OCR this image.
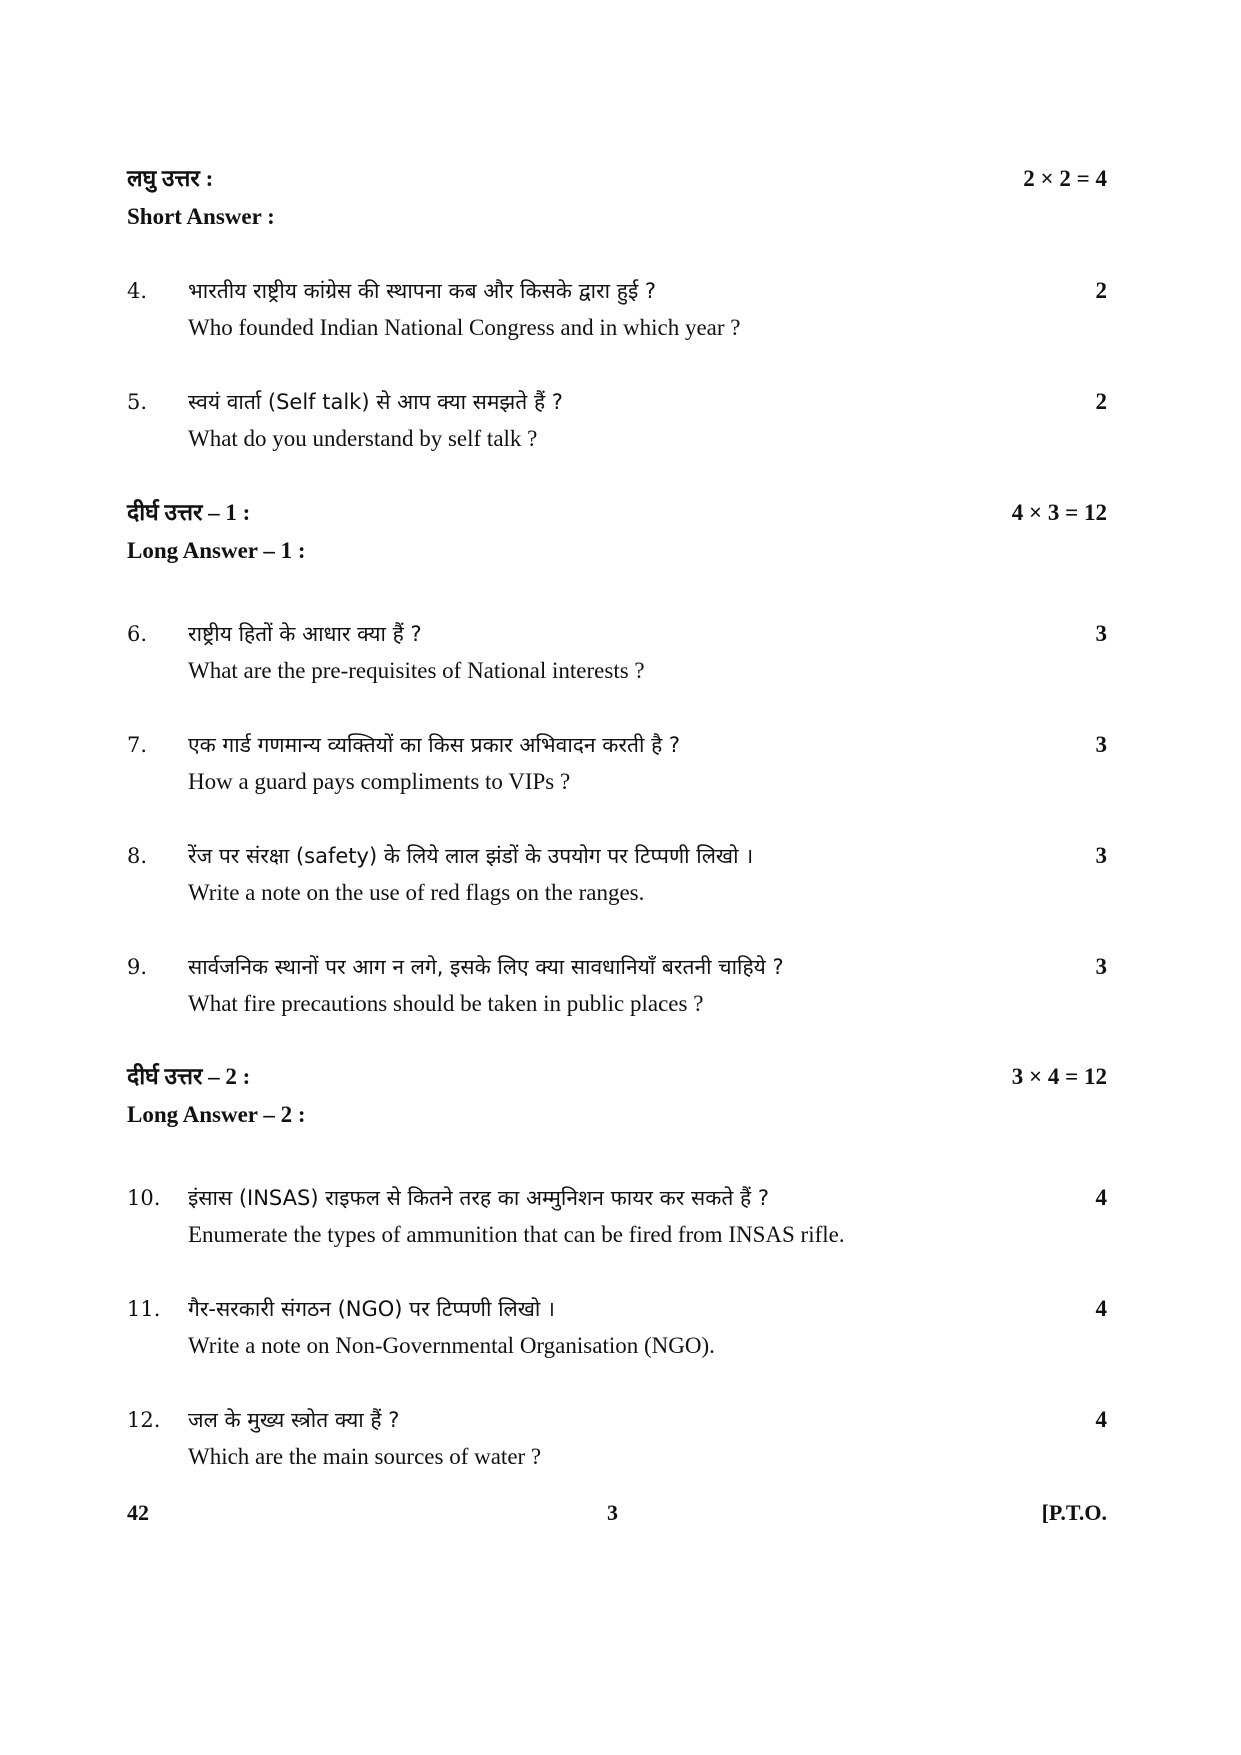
लघु उत्तर :
Short Answer :
2 × 2 = 4
4. भारतीय राष्ट्रीय कांग्रेस की स्थापना कब और किसके द्वारा हुई ?
Who founded Indian National Congress and in which year ?
2
5. स्वयं वार्ता (Self talk) से आप क्या समझते हैं ?
What do you understand by self talk ?
2
दीर्घ उत्तर – 1 :
Long Answer – 1 :
4 × 3 = 12
6. राष्ट्रीय हितों के आधार क्या हैं ?
What are the pre-requisites of National interests ?
3
7. एक गार्ड गणमान्य व्यक्तियों का किस प्रकार अभिवादन करती है ?
How a guard pays compliments to VIPs ?
3
8. रेंज पर संरक्षा (safety) के लिये लाल झंडों के उपयोग पर टिप्पणी लिखो ।
Write a note on the use of red flags on the ranges.
3
9. सार्वजनिक स्थानों पर आग न लगे, इसके लिए क्या सावधानियाँ बरतनी चाहिये ?
What fire precautions should be taken in public places ?
3
दीर्घ उत्तर – 2 :
Long Answer – 2 :
3 × 4 = 12
10. इंसास (INSAS) राइफल से कितने तरह का अम्मुनिशन फायर कर सकते हैं ?
Enumerate the types of ammunition that can be fired from INSAS rifle.
4
11. गैर-सरकारी संगठन (NGO) पर टिप्पणी लिखो ।
Write a note on Non-Governmental Organisation (NGO).
4
12. जल के मुख्य स्त्रोत क्या हैं ?
Which are the main sources of water ?
4
42	3	[P.T.O.
